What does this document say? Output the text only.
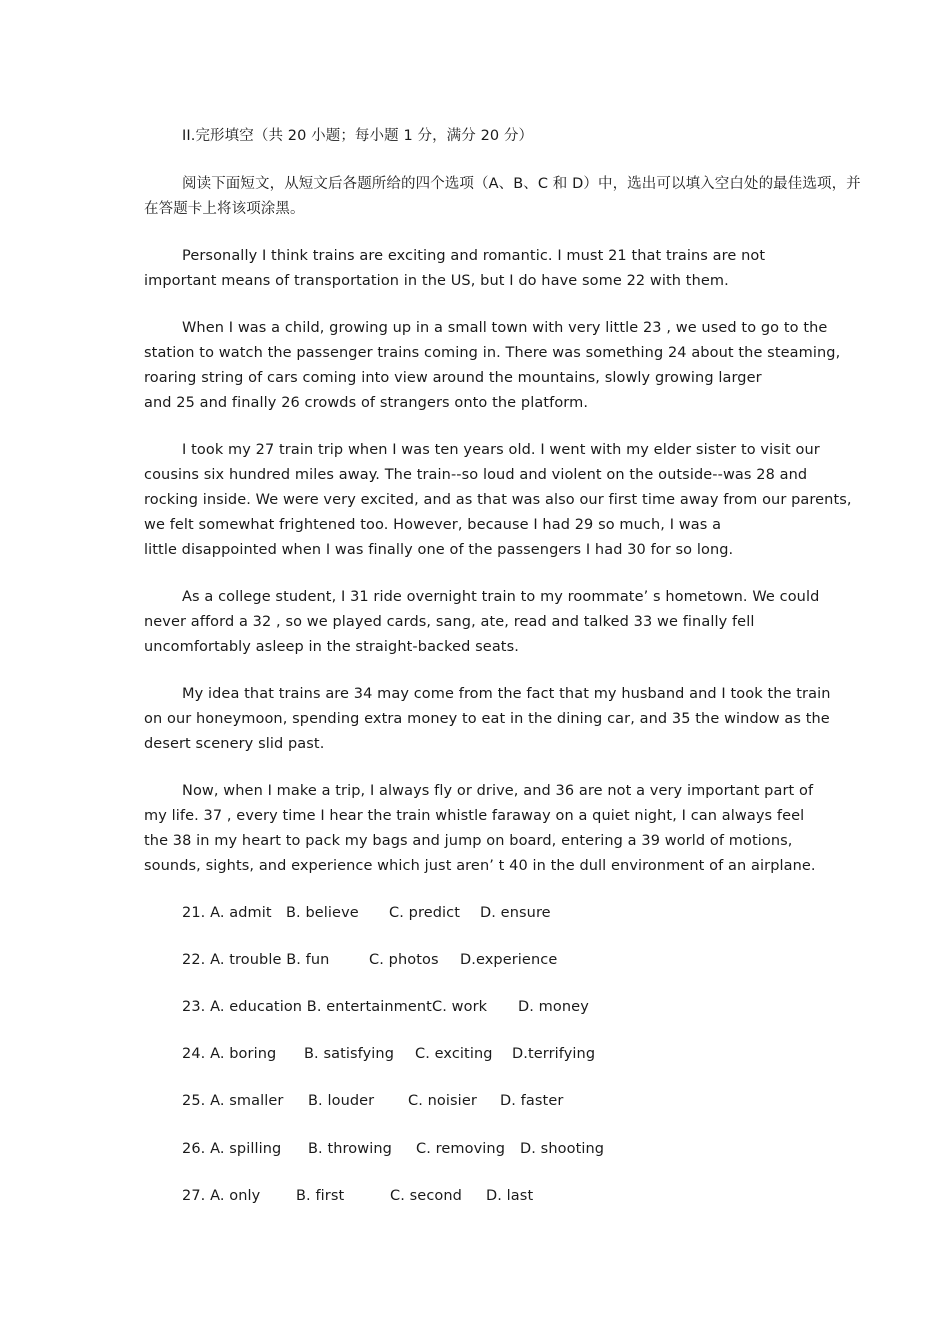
II.完形填空（共 20 小题；每小题 1 分，满分 20 分）
阅读下面短文，从短文后各题所给的四个选项（A、B、C 和 D）中，选出可以填入空白处的最佳选项，并
在答题卡上将该项涂黑。
Personally I think trains are exciting and romantic. I must 21 that trains are not
important means of transportation in the US, but I do have some 22 with them.
When I was a child, growing up in a small town with very little 23 , we used to go to the
station to watch the passenger trains coming in. There was something 24 about the steaming,
roaring string of cars coming into view around the mountains, slowly growing larger
and 25 and finally 26 crowds of strangers onto the platform.
I took my 27 train trip when I was ten years old. I went with my elder sister to visit our
cousins six hundred miles away. The train--so loud and violent on the outside--was 28 and
rocking inside. We were very excited, and as that was also our first time away from our parents,
we felt somewhat frightened too. However, because I had 29 so much, I was a
little disappointed when I was finally one of the passengers I had 30 for so long.
As a college student, I 31 ride overnight train to my roommate’ s hometown. We could
never afford a 32 , so we played cards, sang, ate, read and talked 33 we finally fell
uncomfortably asleep in the straight-backed seats.
My idea that trains are 34 may come from the fact that my husband and I took the train
on our honeymoon, spending extra money to eat in the dining car, and 35 the window as the
desert scenery slid past.
Now, when I make a trip, I always fly or drive, and 36 are not a very important part of
my life. 37 , every time I hear the train whistle faraway on a quiet night, I can always feel
the 38 in my heart to pack my bags and jump on board, entering a 39 world of motions,
sounds, sights, and experience which just aren’ t 40 in the dull environment of an airplane.
21. A. admit B. believe C. predict D. ensure
22. A. trouble B. fun	C. photos D.experience
23. A. education B. entertainment C. work D. money
24. A. boring B. satisfying C. exciting D.terrifying
25. A. smaller B. louder C. noisier D. faster
26. A. spilling B. throwing C. removing D. shooting
27. A. only B. first	C. second D. last
